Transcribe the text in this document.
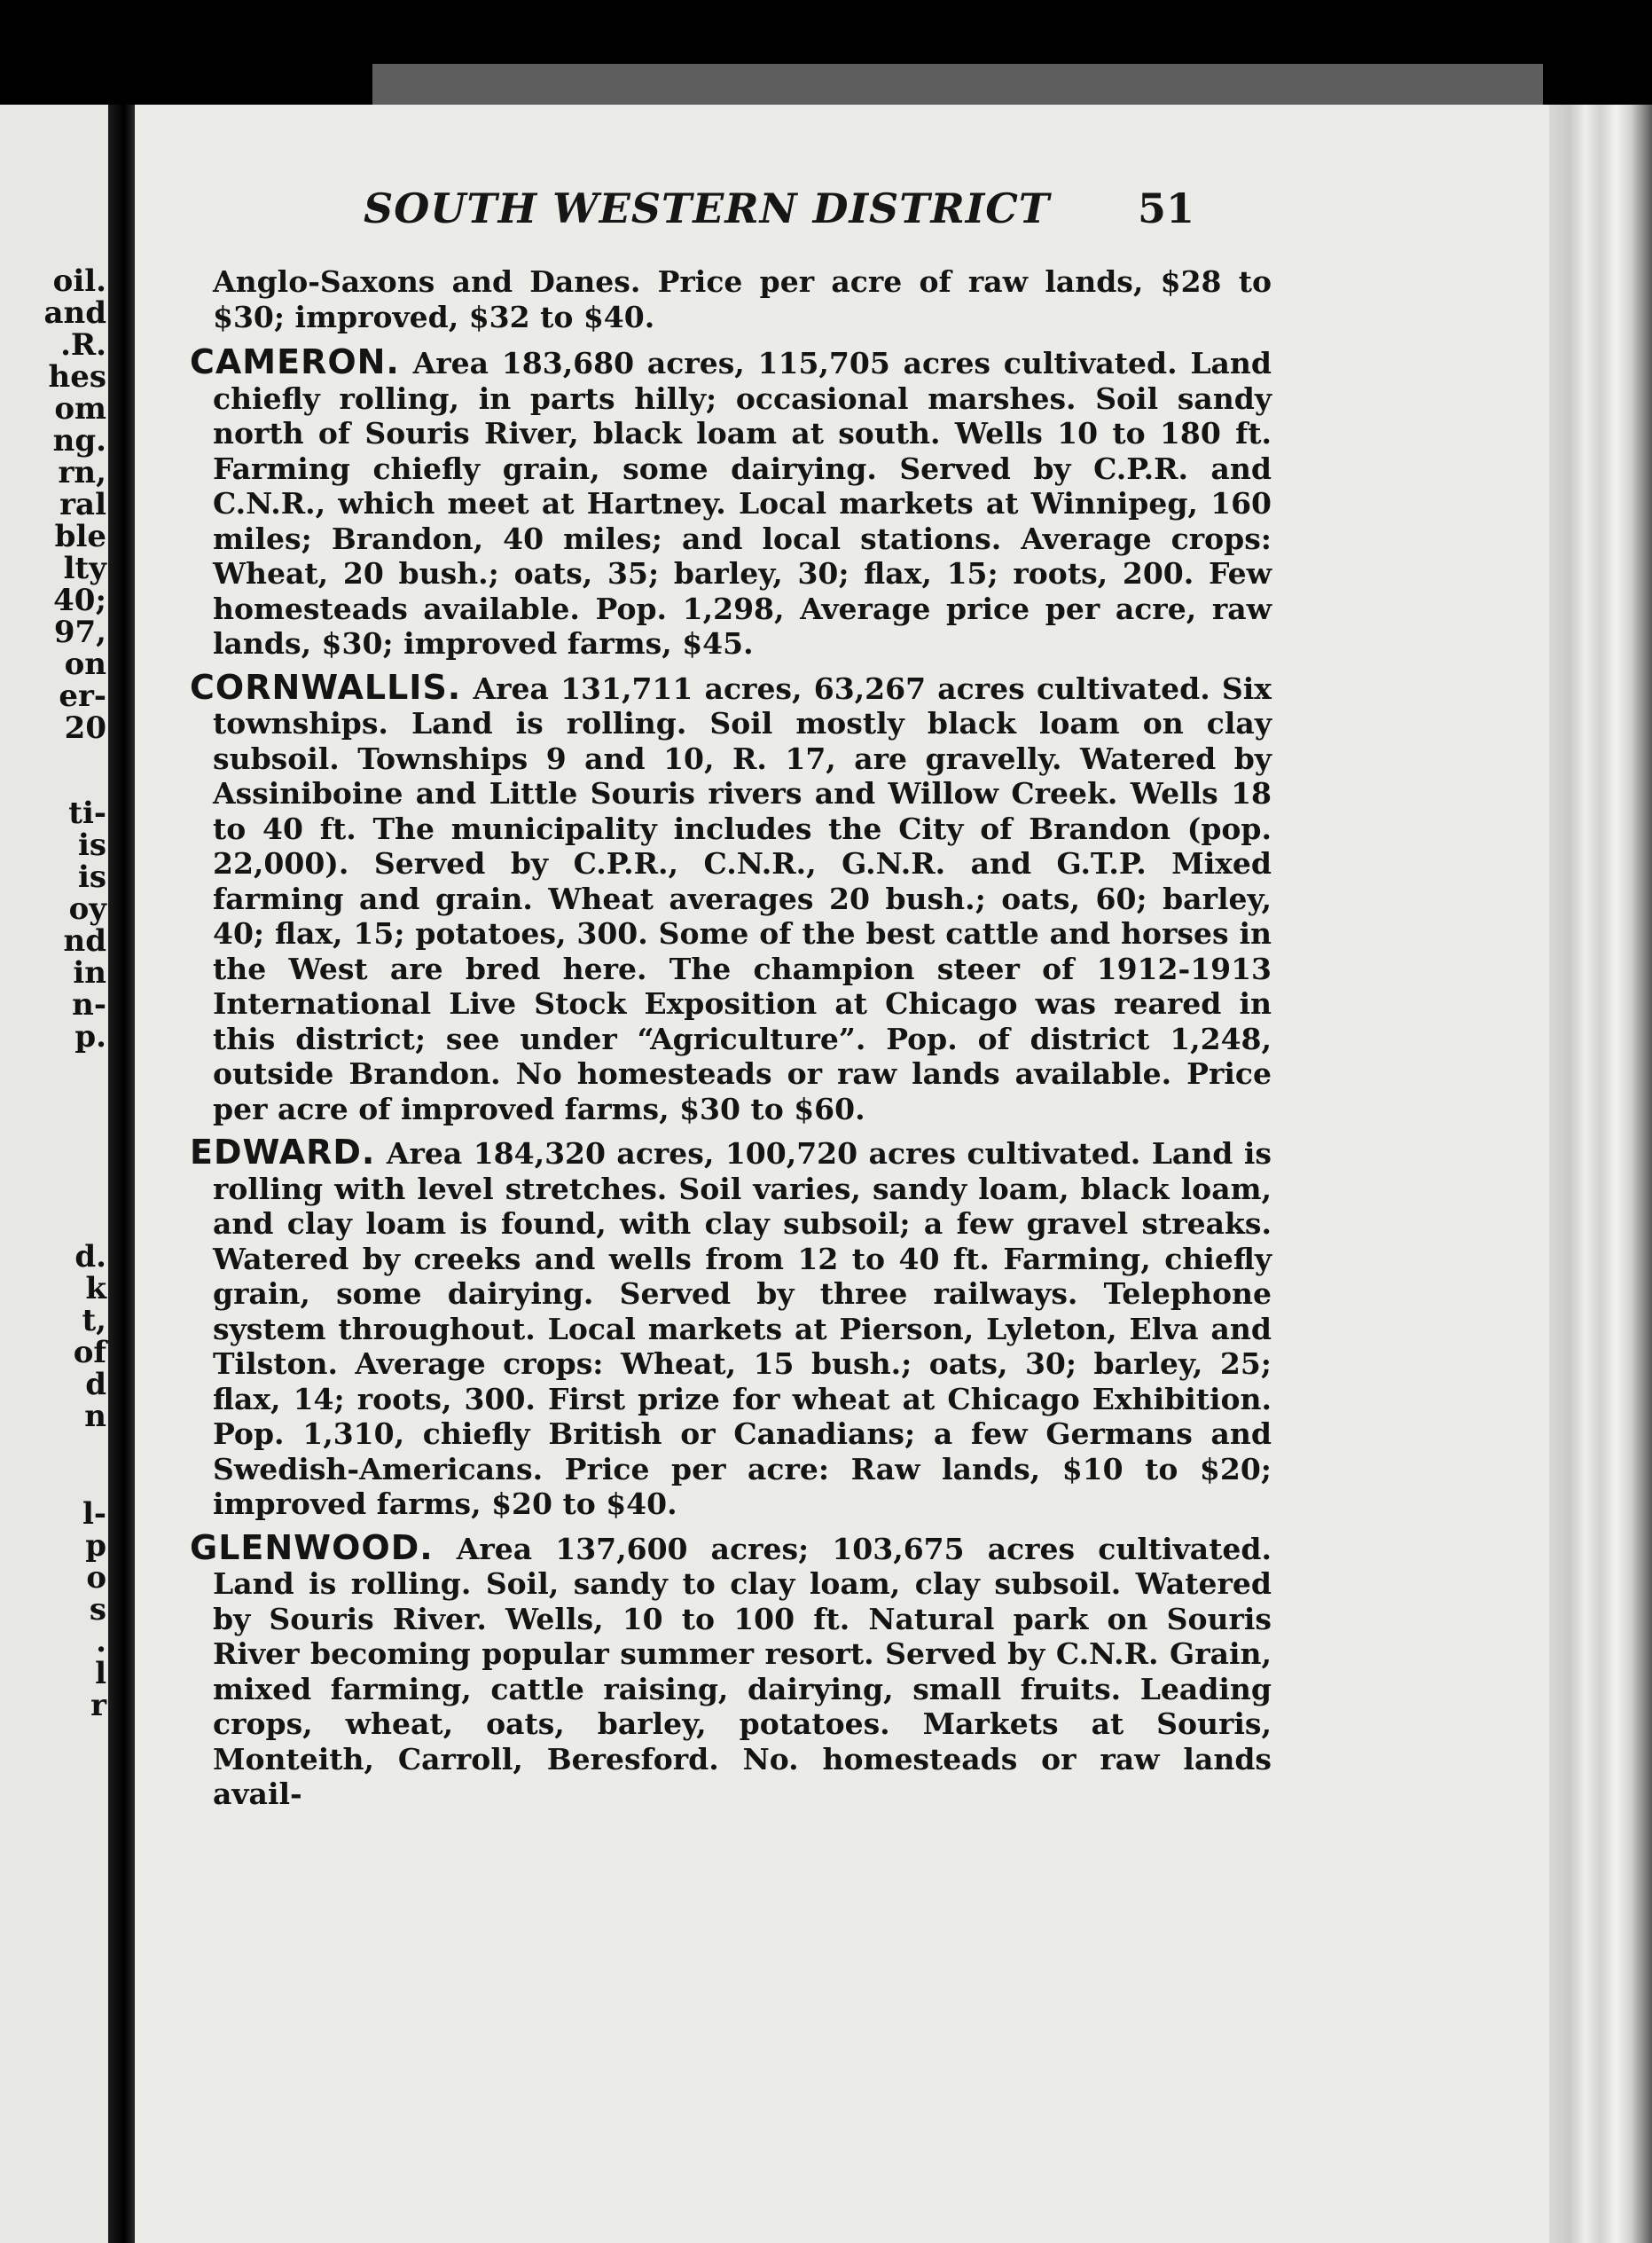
oil.
and
.R.
hes
om
ng.
rn,
ral
ble
lty
40;
97,
on
er-
20
ti-
is
is
oy
nd
in
n-
p.
d.
k
t,
of
d
n
l-
p
o
s
.
l
r
SOUTH WESTERN DISTRICT 51

Anglo-Saxons and Danes. Price per acre of raw lands, $28 to $30; improved, $32 to $40.

CAMERON. Area 183,680 acres, 115,705 acres cultivated. Land chiefly rolling, in parts hilly; occasional marshes. Soil sandy north of Souris River, black loam at south. Wells 10 to 180 ft. Farming chiefly grain, some dairying. Served by C.P.R. and C.N.R., which meet at Hartney. Local markets at Winnipeg, 160 miles; Brandon, 40 miles; and local stations. Average crops: Wheat, 20 bush.; oats, 35; barley, 30; flax, 15; roots, 200. Few homesteads available. Pop. 1,298, Average price per acre, raw lands, $30; improved farms, $45.

CORNWALLIS. Area 131,711 acres, 63,267 acres cultivated. Six townships. Land is rolling. Soil mostly black loam on clay subsoil. Townships 9 and 10, R. 17, are gravelly. Watered by Assiniboine and Little Souris rivers and Willow Creek. Wells 18 to 40 ft. The municipality includes the City of Brandon (pop. 22,000). Served by C.P.R., C.N.R., G.N.R. and G.T.P. Mixed farming and grain. Wheat averages 20 bush.; oats, 60; barley, 40; flax, 15; potatoes, 300. Some of the best cattle and horses in the West are bred here. The champion steer of 1912-1913 International Live Stock Exposition at Chicago was reared in this district; see under “Agriculture”. Pop. of district 1,248, outside Brandon. No homesteads or raw lands available. Price per acre of improved farms, $30 to $60.

EDWARD. Area 184,320 acres, 100,720 acres cultivated. Land is rolling with level stretches. Soil varies, sandy loam, black loam, and clay loam is found, with clay subsoil; a few gravel streaks. Watered by creeks and wells from 12 to 40 ft. Farming, chiefly grain, some dairying. Served by three railways. Telephone system throughout. Local markets at Pierson, Lyleton, Elva and Tilston. Average crops: Wheat, 15 bush.; oats, 30; barley, 25; flax, 14; roots, 300. First prize for wheat at Chicago Exhibition. Pop. 1,310, chiefly British or Canadians; a few Germans and Swedish-Americans. Price per acre: Raw lands, $10 to $20; improved farms, $20 to $40.

GLENWOOD. Area 137,600 acres; 103,675 acres cultivated. Land is rolling. Soil, sandy to clay loam, clay subsoil. Watered by Souris River. Wells, 10 to 100 ft. Natural park on Souris River becoming popular summer resort. Served by C.N.R. Grain, mixed farming, cattle raising, dairying, small fruits. Leading crops, wheat, oats, barley, potatoes. Markets at Souris, Monteith, Carroll, Beresford. No. homesteads or raw lands avail-
